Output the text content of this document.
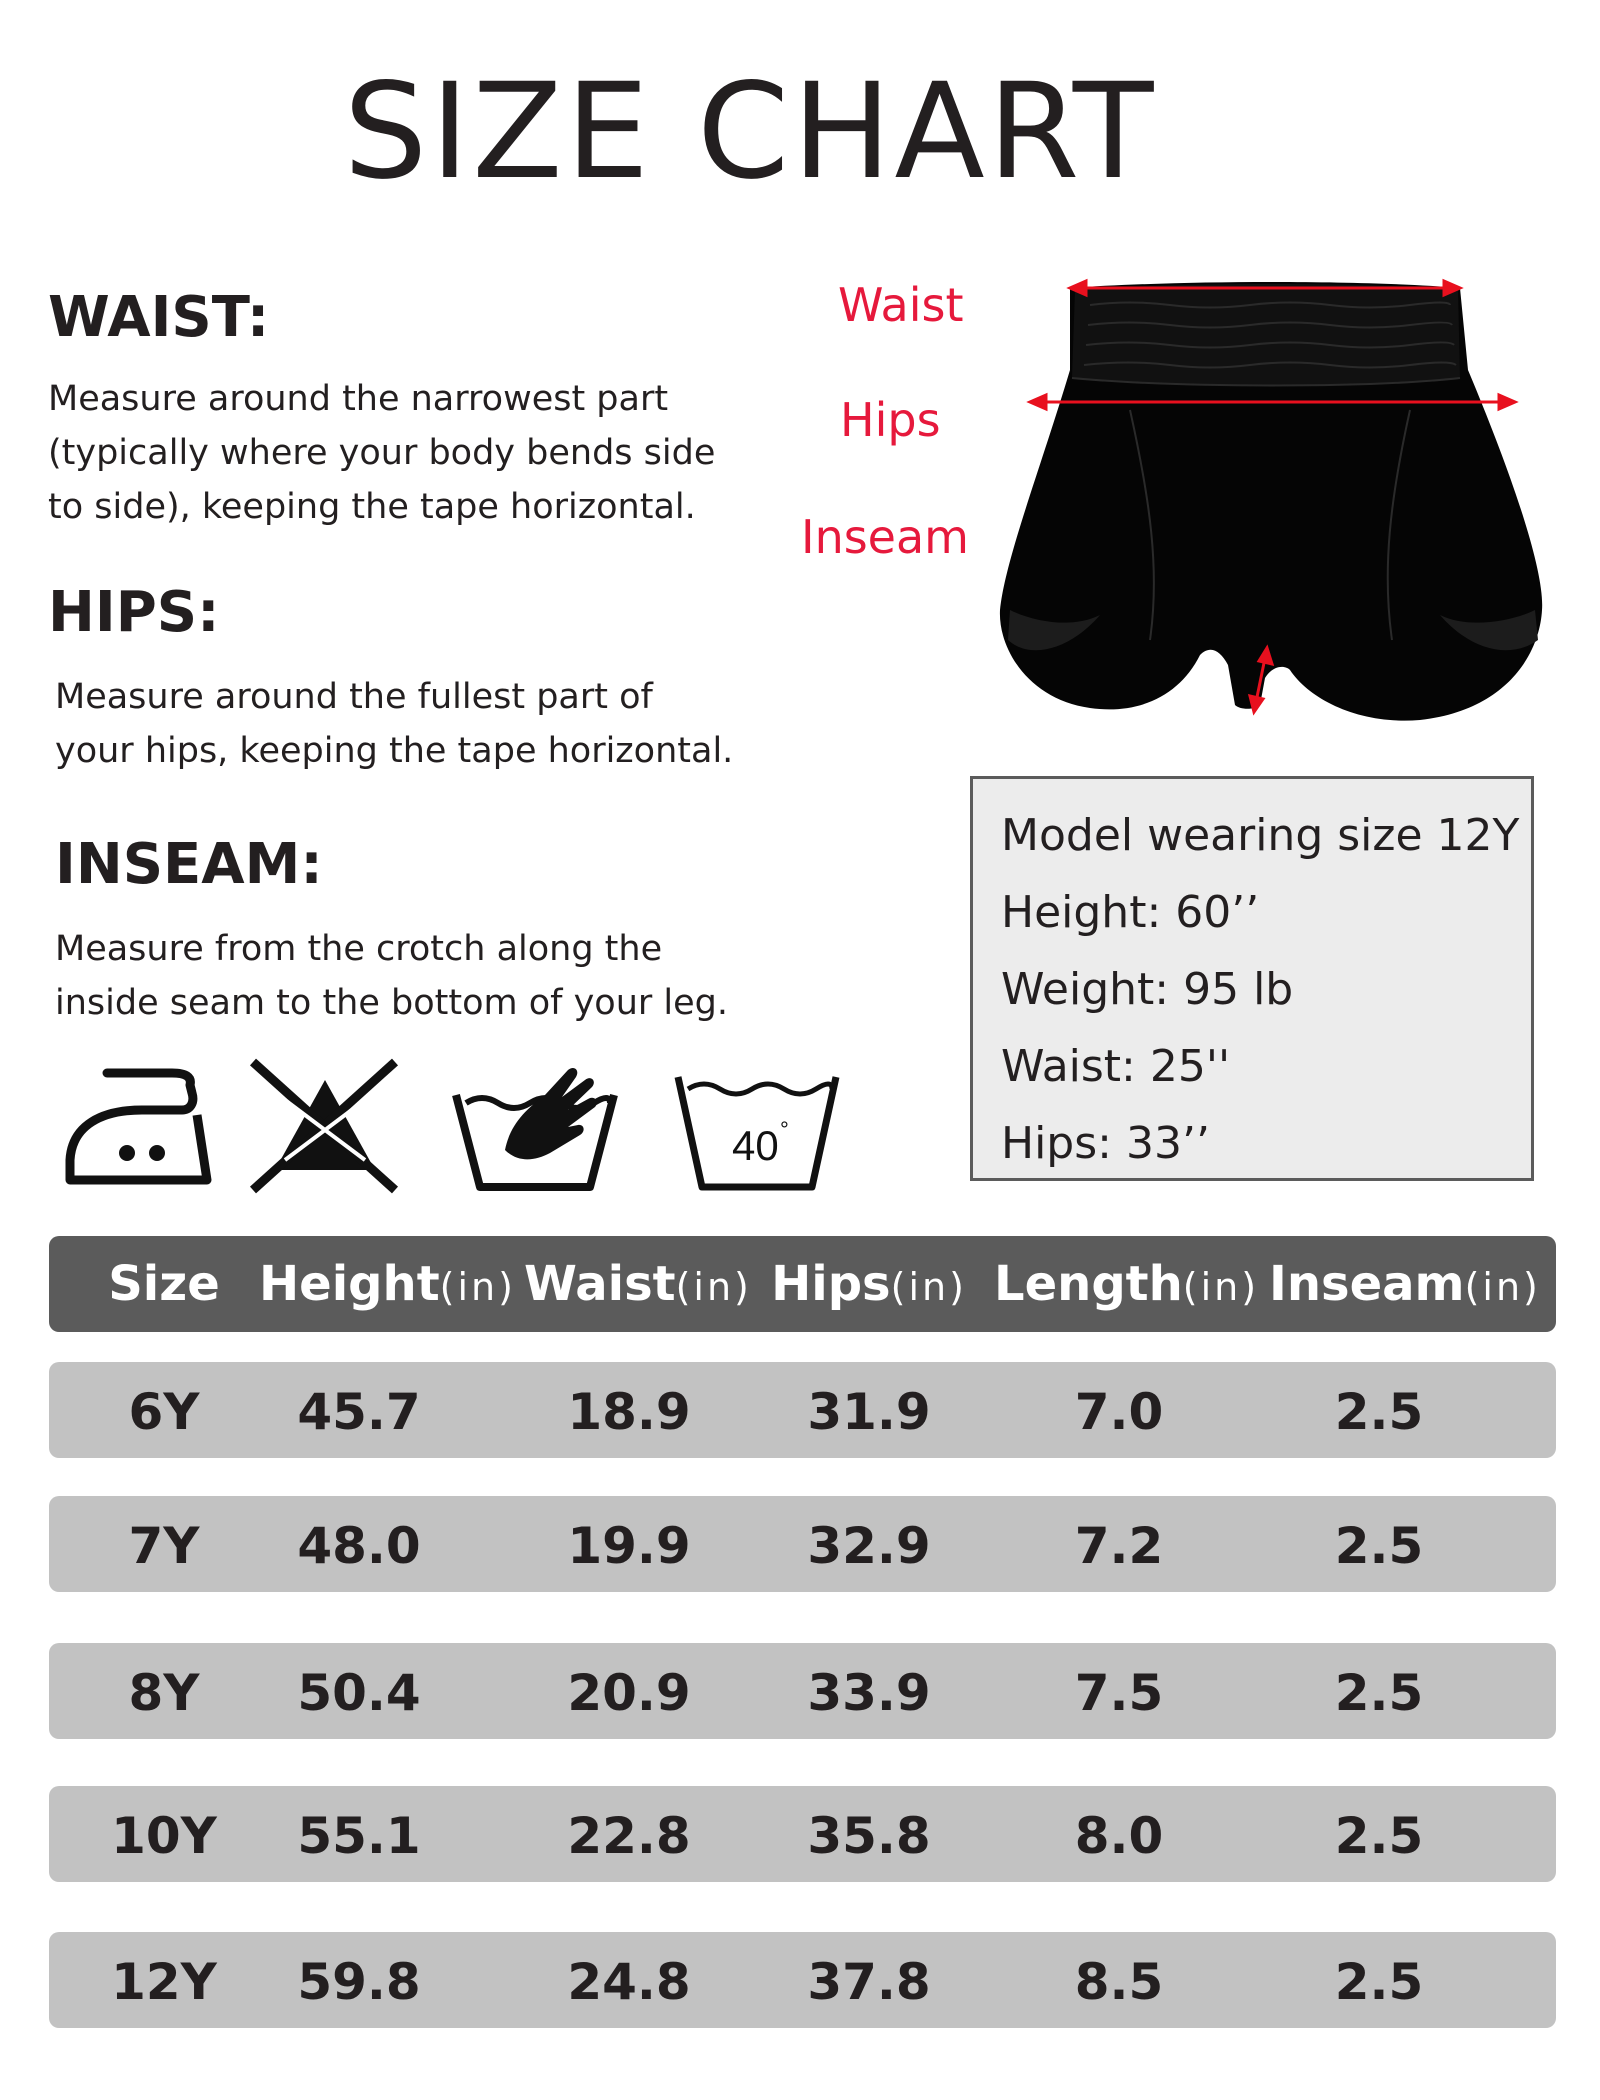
SIZE CHART
WAIST:
Measure around the narrowest part
(typically where your body bends side
to side), keeping the tape horizontal.
HIPS:
Measure around the fullest part of
your hips, keeping the tape horizontal.
INSEAM:
Measure from the crotch along the
inside seam to the bottom of your leg.
Waist
Hips
Inseam
Model wearing size 12Y
Height: 60’’
Weight: 95 lb
Waist: 25''
Hips: 33’’
40 °
Size Height(in) Waist(in) Hips(in) Length(in) Inseam(in)
6Y	45.7	18.9	31.9	7.0	2.5
7Y	48.0	19.9	32.9	7.2	2.5
8Y	50.4	20.9	33.9	7.5	2.5
10Y	55.1	22.8	35.8	8.0	2.5
12Y	59.8	24.8	37.8	8.5	2.5
